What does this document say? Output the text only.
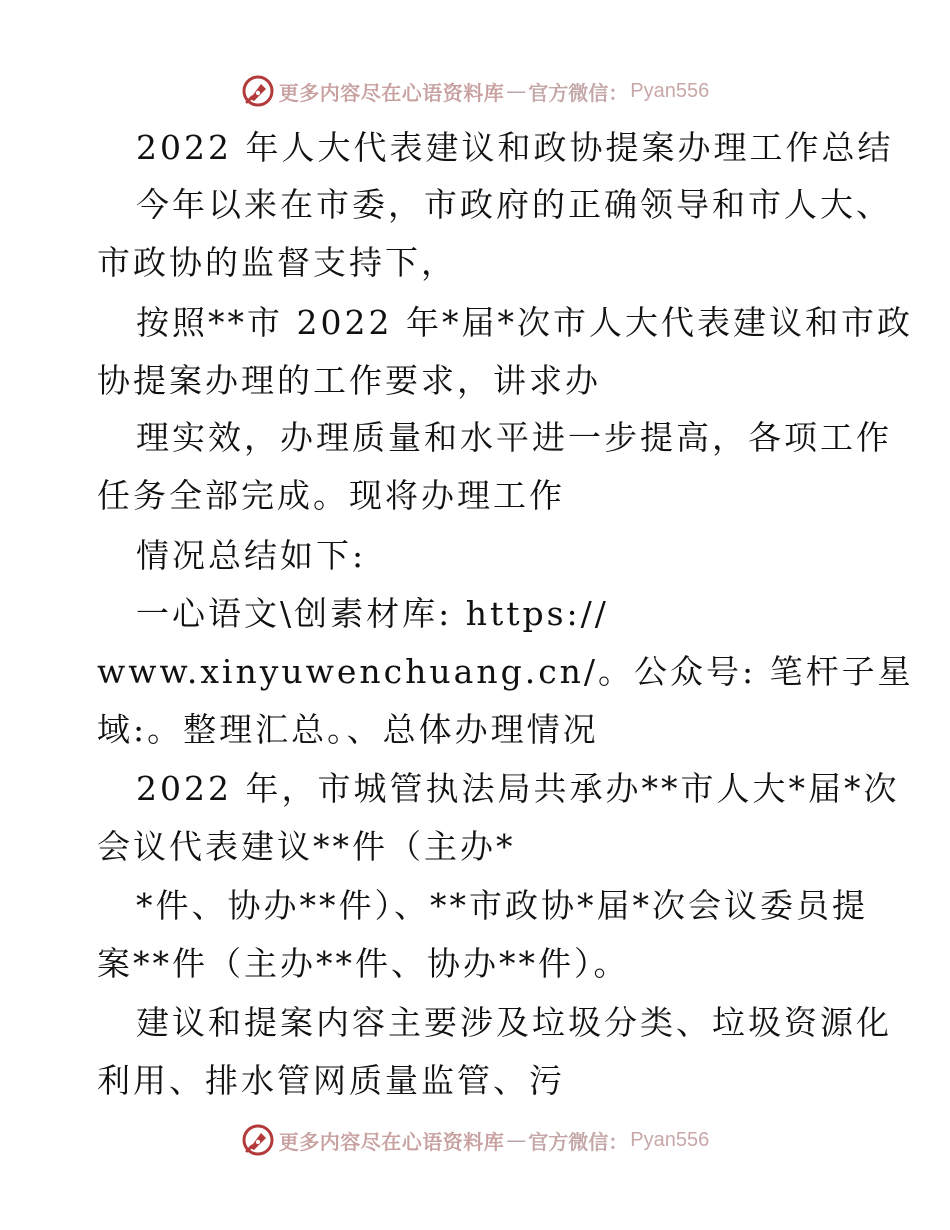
更多内容尽在心语资料库 — 官方微信： Pyan556
2022 年人大代表建议和政协提案办理工作总结
今年以来在市委，市政府的正确领导和市人大、
市政协的监督支持下，
按照**市 2022 年*届*次市人大代表建议和市政
协提案办理的工作要求，讲求办
理实效，办理质量和水平进一步提高，各项工作
任务全部完成。现将办理工作
情况总结如下:
一心语文\创素材库: https://
www.xinyuwenchuang.cn/。公众号: 笔杆子星
域:。整理汇总。、总体办理情况
2022 年，市城管执法局共承办**市人大*届*次
会议代表建议**件（主办*
*件、协办**件）、**市政协*届*次会议委员提
案**件（主办**件、协办**件）。
建议和提案内容主要涉及垃圾分类、垃圾资源化
利用、排水管网质量监管、污
更多内容尽在心语资料库 — 官方微信： Pyan556
